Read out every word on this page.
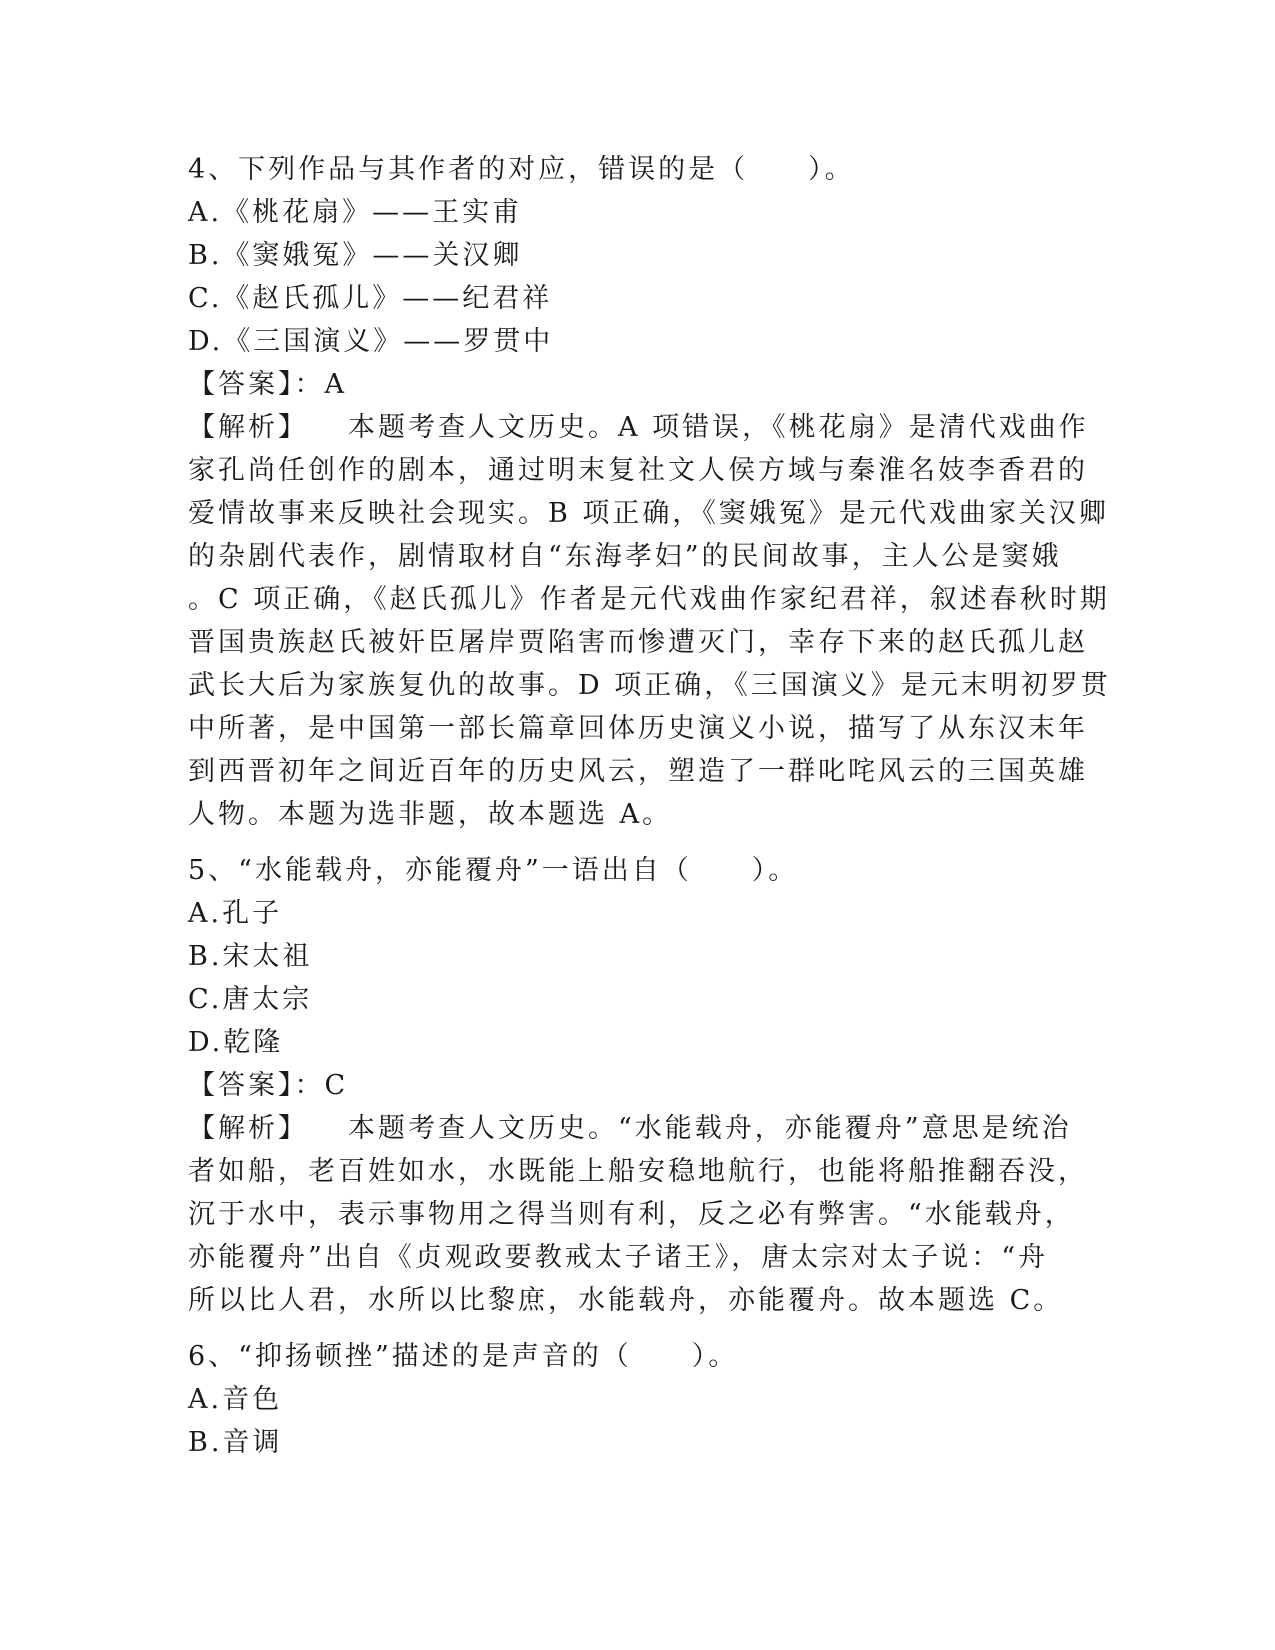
4、下列作品与其作者的对应，错误的是（　　）。
A.《桃花扇》——王实甫
B.《窦娥冤》——关汉卿
C.《赵氏孤儿》——纪君祥
D.《三国演义》——罗贯中
【答案】：A
【解析】 本题考查人文历史。A 项错误，《桃花扇》是清代戏曲作
家孔尚任创作的剧本，通过明末复社文人侯方域与秦淮名妓李香君的
爱情故事来反映社会现实。B 项正确，《窦娥冤》是元代戏曲家关汉卿
的杂剧代表作，剧情取材自“东海孝妇”的民间故事，主人公是窦娥
。C 项正确，《赵氏孤儿》作者是元代戏曲作家纪君祥，叙述春秋时期
晋国贵族赵氏被奸臣屠岸贾陷害而惨遭灭门，幸存下来的赵氏孤儿赵
武长大后为家族复仇的故事。D 项正确，《三国演义》是元末明初罗贯
中所著，是中国第一部长篇章回体历史演义小说，描写了从东汉末年
到西晋初年之间近百年的历史风云，塑造了一群叱咤风云的三国英雄
人物。本题为选非题，故本题选 A。
5、“水能载舟，亦能覆舟”一语出自（　　）。
A.孔子
B.宋太祖
C.唐太宗
D.乾隆
【答案】：C
【解析】 本题考查人文历史。“水能载舟，亦能覆舟”意思是统治
者如船，老百姓如水，水既能上船安稳地航行，也能将船推翻吞没，
沉于水中，表示事物用之得当则有利，反之必有弊害。“水能载舟，
亦能覆舟”出自《贞观政要教戒太子诸王》，唐太宗对太子说：“舟
所以比人君，水所以比黎庶，水能载舟，亦能覆舟。故本题选 C。
6、“抑扬顿挫”描述的是声音的（　　）。
A.音色
B.音调
